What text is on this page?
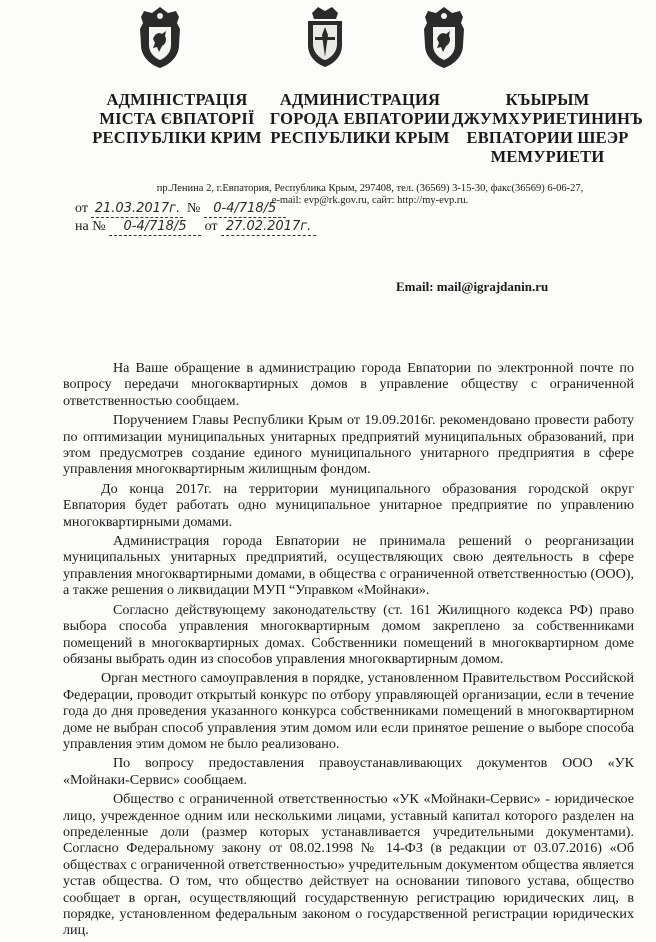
АДМІНІСТРАЦІЯ
МІСТА ЄВПАТОРІЇ
РЕСПУБЛІКИ КРИМ
АДМИНИСТРАЦИЯ
ГОРОДА ЕВПАТОРИИ
РЕСПУБЛИКИ КРЫМ
КЪЫРЫМ
ДЖУМХУРИЕТИНИНЪ
ЕВПАТОРИИ ШЕЭР
МЕМУРИЕТИ
пр.Ленина 2, г.Евпатория, Республика Крым, 297408, тел. (36569) 3-15-30, факс(36569) 6-06-27,
e-mail: evp@rk.gov.ru, сайт: http://my-evp.ru.
от 21.03.2017г. № 0-4/718/5
на № 0-4/718/5 от 27.02.2017г.
Email: mail@igrajdanin.ru

На Ваше обращение в администрацию города Евпатории по электронной почте по вопросу передачи многоквартирных домов в управление обществу с ограниченной ответственностью сообщаем.

Поручением Главы Республики Крым от 19.09.2016г. рекомендовано провести работу по оптимизации муниципальных унитарных предприятий муниципальных образований, при этом предусмотрев создание единого муниципального унитарного предприятия в сфере управления многоквартирным жилищным фондом.

До конца 2017г. на территории муниципального образования городской округ Евпатория будет работать одно муниципальное унитарное предприятие по управлению многоквартирными домами.

Администрация города Евпатории не принимала решений о реорганизации муниципальных унитарных предприятий, осуществляющих свою деятельность в сфере управления многоквартирными домами, в общества с ограниченной ответственностью (ООО), а также решения о ликвидации МУП “Управком «Мойнаки».

Согласно действующему законодательству (ст. 161 Жилищного кодекса РФ) право выбора способа управления многоквартирным домом закреплено за собственниками помещений в многоквартирных домах. Собственники помещений в многоквартирном доме обязаны выбрать один из способов управления многоквартирным домом.

Орган местного самоуправления в порядке, установленном Правительством Российской Федерации, проводит открытый конкурс по отбору управляющей организации, если в течение года до дня проведения указанного конкурса собственниками помещений в многоквартирном доме не выбран способ управления этим домом или если принятое решение о выборе способа управления этим домом не было реализовано.

По вопросу предоставления правоустанавливающих документов ООО «УК «Мойнаки-Сервис» сообщаем.

Общество с ограниченной ответственностью «УК «Мойнаки-Сервис» - юридическое лицо, учрежденное одним или несколькими лицами, уставный капитал которого разделен на определенные доли (размер которых устанавливается учредительными документами). Согласно Федеральному закону от 08.02.1998 № 14-ФЗ (в редакции от 03.07.2016) «Об обществах с ограниченной ответственностью» учредительным документом общества является устав общества. О том, что общество действует на основании типового устава, общество сообщает в орган, осуществляющий государственную регистрацию юридических лиц, в порядке, установленном федеральным законом о государственной регистрации юридических лиц.
